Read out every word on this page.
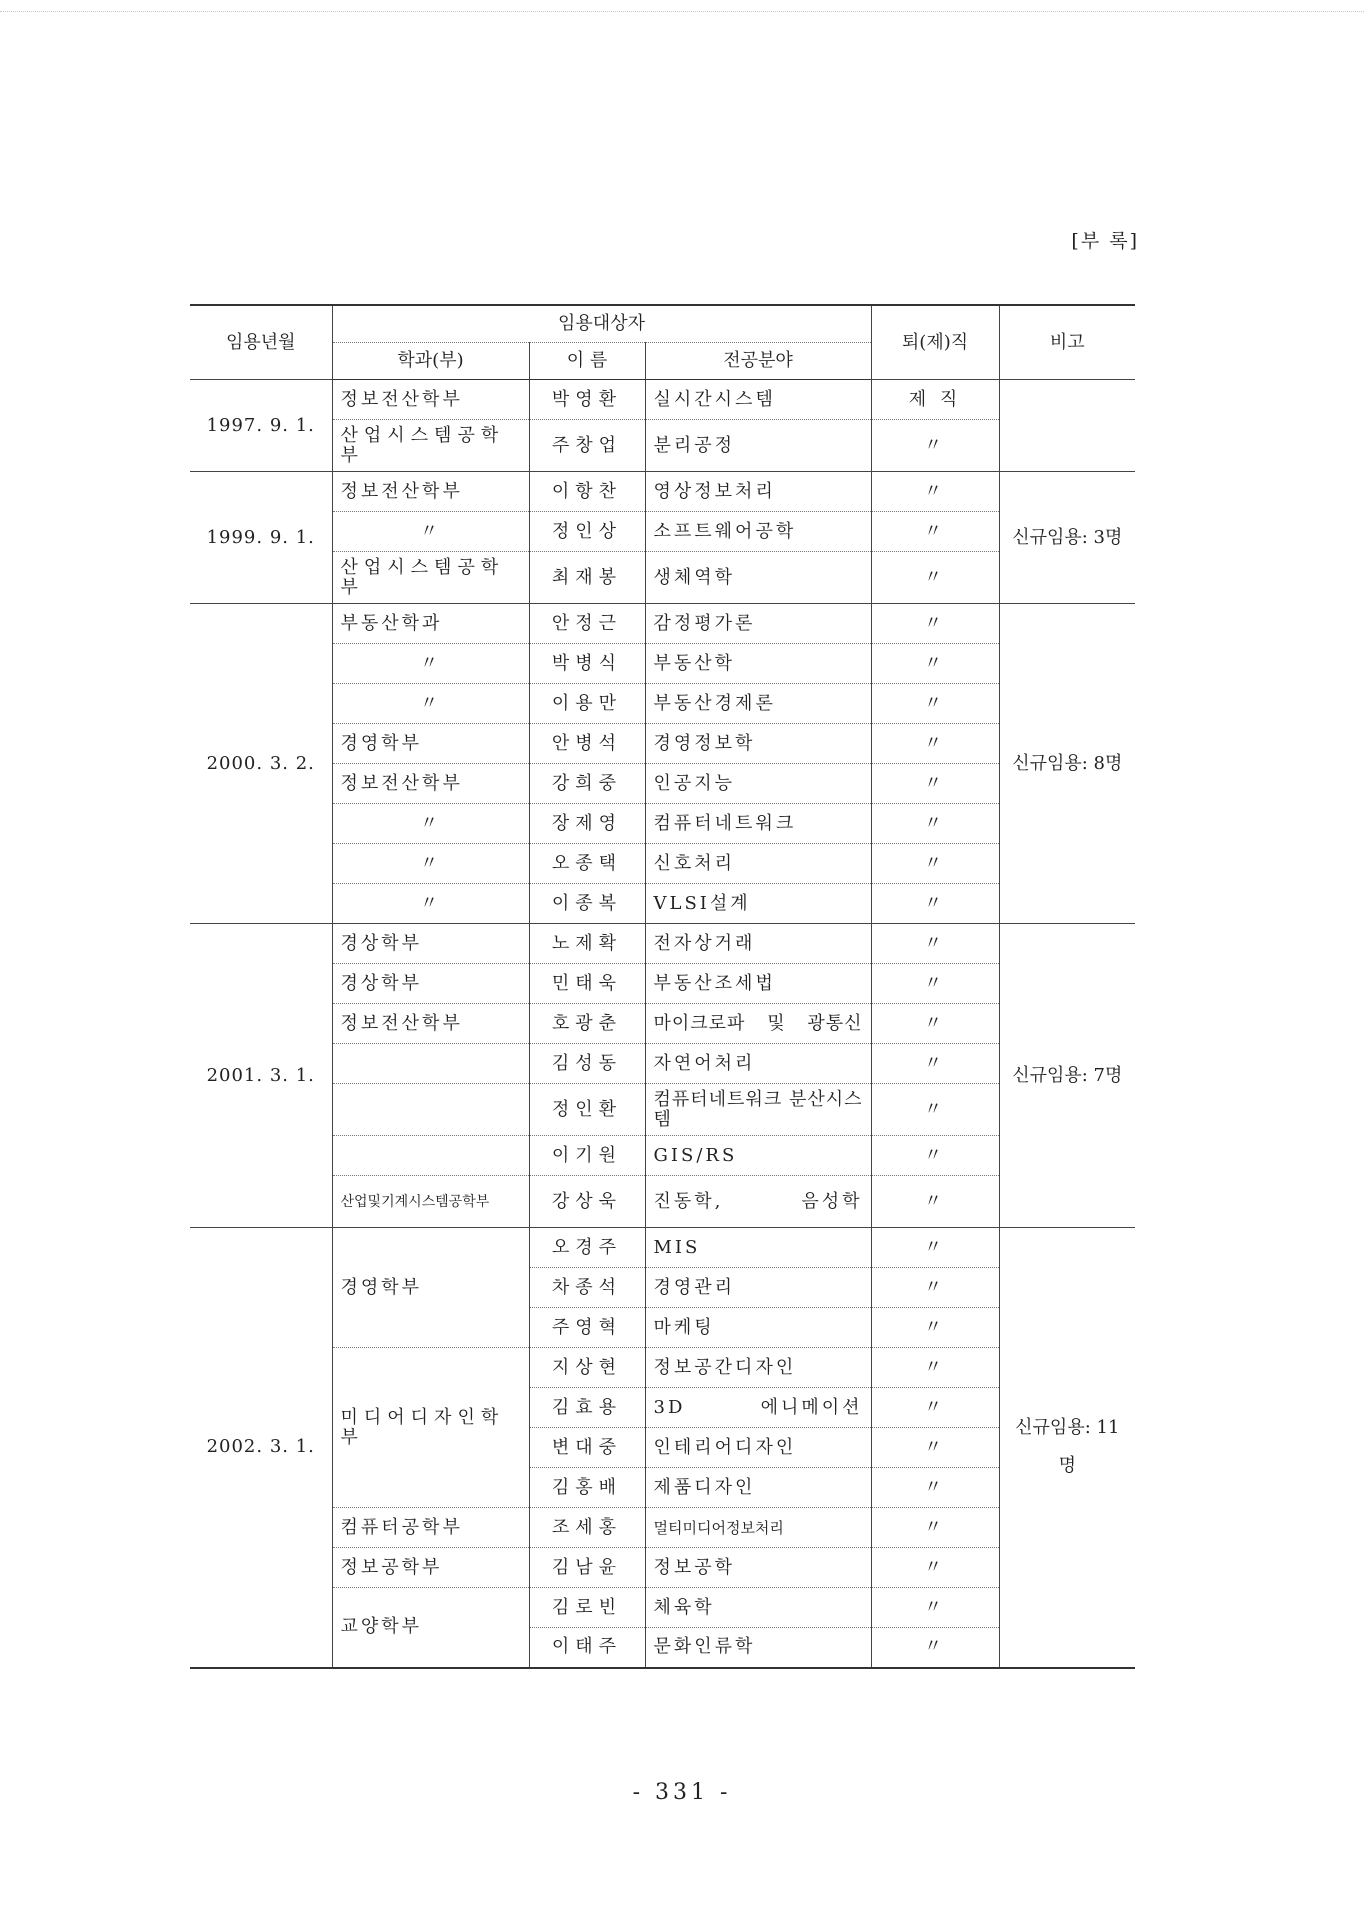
[부 록]
임용년월	임용대상자			퇴(제)직	비고
	학과(부)	이 름	전공분야		
1997. 9. 1.	정보전산학부	박영환	실시간시스템	제 직	
	산업시스템공학부	주창업	분리공정	〃	
1999. 9. 1.	정보전산학부	이항찬	영상정보처리	〃	신규임용: 3명
	〃	정인상	소프트웨어공학	〃	
	산업시스템공학부	최재봉	생체역학	〃	
2000. 3. 2.	부동산학과	안정근	감정평가론	〃	신규임용: 8명
	〃	박병식	부동산학	〃	
	〃	이용만	부동산경제론	〃	
	경영학부	안병석	경영정보학	〃	
	정보전산학부	강희중	인공지능	〃	
	〃	장제영	컴퓨터네트워크	〃	
	〃	오종택	신호처리	〃	
	〃	이종복	VLSI설계	〃	
2001. 3. 1.	경상학부	노제확	전자상거래	〃	신규임용: 7명
	경상학부	민태욱	부동산조세법	〃	
	정보전산학부	호광춘	마이크로파 및 광통신	〃	
		김성동	자연어처리	〃	
		정인환	컴퓨터네트워크 분산시스템	〃	
		이기원	GIS/RS	〃	
	산업및기계시스템공학부	강상욱	진동학, 음성학	〃	
2002. 3. 1.	경영학부	오경주	MIS	〃	신규임용: 11명
		차종석	경영관리	〃	
		주영혁	마케팅	〃	
	미디어디자인학부	지상현	정보공간디자인	〃	
		김효용	3D 에니메이션	〃	
		변대중	인테리어디자인	〃	
		김홍배	제품디자인	〃	
	컴퓨터공학부	조세홍	멀티미디어정보처리	〃	
	정보공학부	김남윤	정보공학	〃	
	교양학부	김로빈	체육학	〃	
		이태주	문화인류학	〃	
- 331 -
